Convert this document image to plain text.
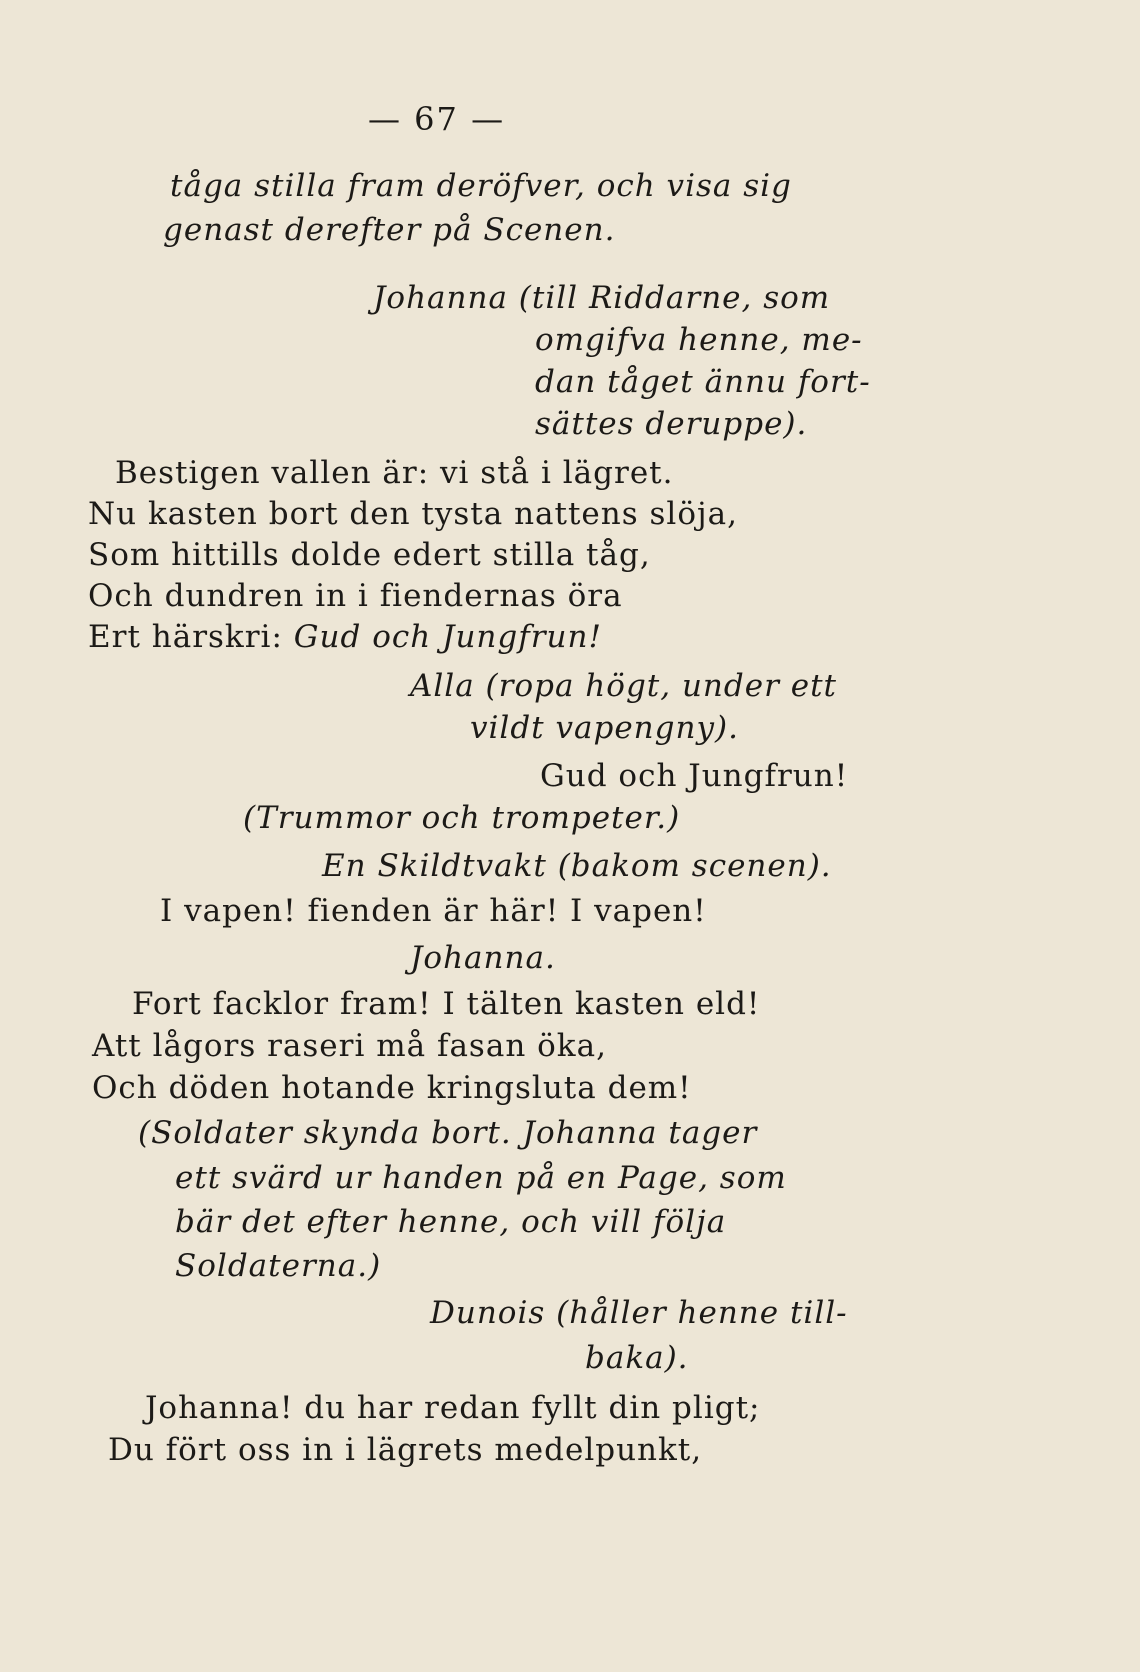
— 67 —
tåga stilla fram deröfver, och visa sig
genast derefter på Scenen.
Johanna (till Riddarne, som
omgifva henne, me-
dan tåget ännu fort-
sättes deruppe).
Bestigen vallen är: vi stå i lägret.
Nu kasten bort den tysta nattens slöja,
Som hittills dolde edert stilla tåg,
Och dundren in i fiendernas öra
Ert härskri: Gud och Jungfrun!
Alla (ropa högt, under ett
vildt vapengny).
Gud och Jungfrun!
(Trummor och trompeter.)
En Skildtvakt (bakom scenen).
I vapen! fienden är här! I vapen!
Johanna.
Fort facklor fram! I tälten kasten eld!
Att lågors raseri må fasan öka,
Och döden hotande kringsluta dem!
(Soldater skynda bort. Johanna tager
ett svärd ur handen på en Page, som
bär det efter henne, och vill följa
Soldaterna.)
Dunois (håller henne till-
baka).
Johanna! du har redan fyllt din pligt;
Du fört oss in i lägrets medelpunkt,
